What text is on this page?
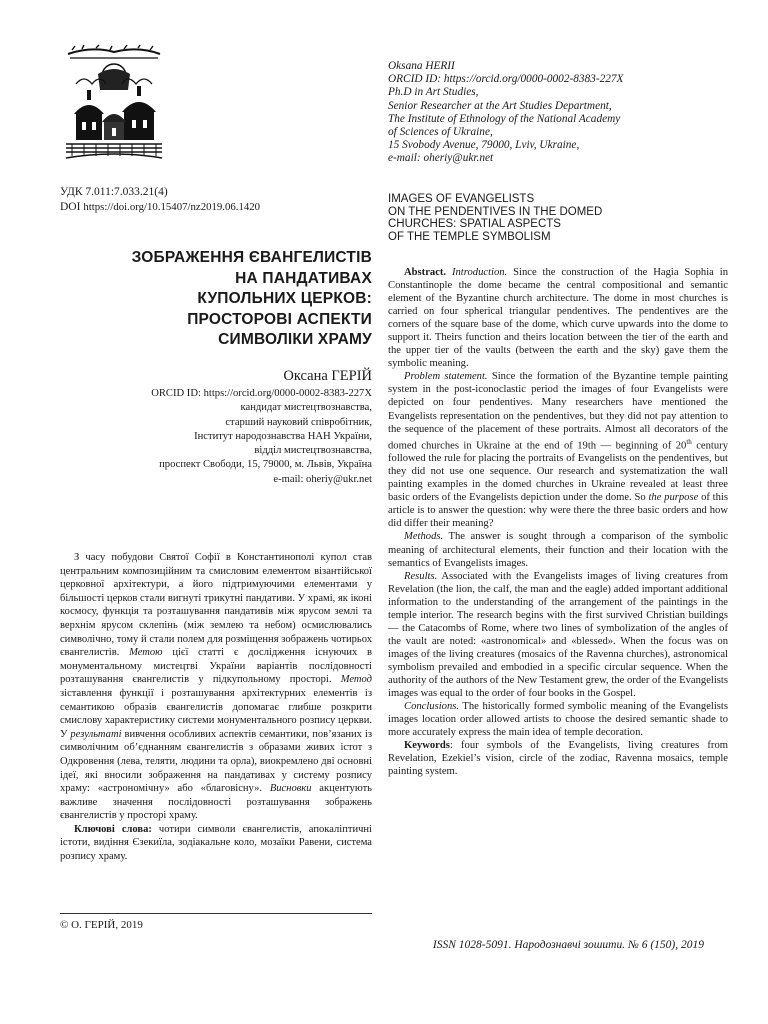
УДК 7.011:7.033.21(4)
DOI https://doi.org/10.15407/nz2019.06.1420
ЗОБРАЖЕННЯ ЄВАНГЕЛИСТІВ
НА ПАНДАТИВАХ
КУПОЛЬНИХ ЦЕРКОВ:
ПРОСТОРОВІ АСПЕКТИ
СИМВОЛІКИ ХРАМУ
Оксана ГЕРІЙ
ORCID ID: https://orcid.org/0000-0002-8383-227X
кандидат мистецтвознавства,
старший науковий співробітник,
Інститут народознавства НАН України,
відділ мистецтвознавства,
проспект Свободи, 15, 79000, м. Львів, Україна
e-mail: oheriy@ukr.net
Oksana HERII
ORCID ID: https://orcid.org/0000-0002-8383-227X
Ph.D in Art Studies,
Senior Researcher at the Art Studies Department,
The Institute of Ethnology of the National Academy
of Sciences of Ukraine,
15 Svobody Avenue, 79000, Lviv, Ukraine,
e-mail: oheriy@ukr.net
IMAGES OF EVANGELISTS
ON THE PENDENTIVES IN THE DOMED
CHURCHES: SPATIAL ASPECTS
OF THE TEMPLE SYMBOLISM

З часу побудови Святої Софії в Константинополі купол став центральним композиційним та смисловим елементом візантійської церковної архітектури, а його підтримуючими елементами у більшості церков стали вигнуті трикутні пандативи. У храмі, як іконі космосу, функція та розташування пандативів між ярусом землі та верхнім ярусом склепінь (між землею та небом) осмислювались символічно, тому й стали полем для розміщення зображень чотирьох євангелистів. Метою цієї статті є дослідження існуючих в монументальному мистецтві України варіантів послідовності розташування євангелистів у підкупольному просторі. Метод зіставлення функції і розташування архітектурних елементів із семантикою образів євангелистів допомагає глибше розкрити смислову характеристику системи монументального розпису церкви. У результаті вивчення особливих аспектів семантики, пов’язаних із символічним об’єднанням євангелистів з образами живих істот з Одкровення (лева, теляти, людини та орла), виокремлено дві основні ідеї, які вносили зображення на пандативах у систему розпису храму: «астрономічну» або «благовісну». Висновки акцентують важливе значення послідовності розташування зображень євангелистів у просторі храму.

Ключові слова: чотири символи євангелистів, апокаліптичні істоти, видіння Єзекиїла, зодіакальне коло, мозаїки Равени, система розпису храму.

Abstract. Introduction. Since the construction of the Hagia Sophia in Constantinople the dome became the central compositional and semantic element of the Byzantine church architecture. The dome in most churches is carried on four spherical triangular pendentives. The pendentives are the corners of the square base of the dome, which curve upwards into the dome to support it. Theirs function and theirs location between the tier of the earth and the upper tier of the vaults (between the earth and the sky) gave them the symbolic meaning.

Problem statement. Since the formation of the Byzantine temple painting system in the post-iconoclastic period the images of four Evangelists were depicted on four pendentives. Many researchers have mentioned the Evangelists representation on the pendentives, but they did not pay attention to the sequence of the placement of these portraits. Almost all decorators of the domed churches in Ukraine at the end of 19th — beginning of 20th century followed the rule for placing the portraits of Evangelists on the pendentives, but they did not use one sequence. Our research and systematization the wall painting examples in the domed churches in Ukraine revealed at least three basic orders of the Evangelists depiction under the dome. So the purpose of this article is to answer the question: why were there the three basic orders and how did differ their meaning?

Methods. The answer is sought through a comparison of the symbolic meaning of architectural elements, their function and their location with the semantics of Evangelists images.

Results. Associated with the Evangelists images of living creatures from Revelation (the lion, the calf, the man and the eagle) added important additional information to the understanding of the arrangement of the paintings in the temple interior. The research begins with the first survived Christian buildings — the Catacombs of Rome, where two lines of symbolization of the angles of the vault are noted: «astronomical» and «blessed». When the focus was on images of the living creatures (mosaics of the Ravenna churches), astronomical symbolism prevailed and embodied in a specific circular sequence. When the authority of the authors of the New Testament grew, the order of the Evangelists images was equal to the order of four books in the Gospel.

Conclusions. The historically formed symbolic meaning of the Evangelists images location order allowed artists to choose the desired semantic shade to more accurately express the main idea of temple decoration.

Keywords: four symbols of the Evangelists, living creatures from Revelation, Ezekiel’s vision, circle of the zodiac, Ravenna mosaics, temple painting system.

© О. ГЕРІЙ, 2019
ISSN 1028-5091. Народознавчі зошити. № 6 (150), 2019
